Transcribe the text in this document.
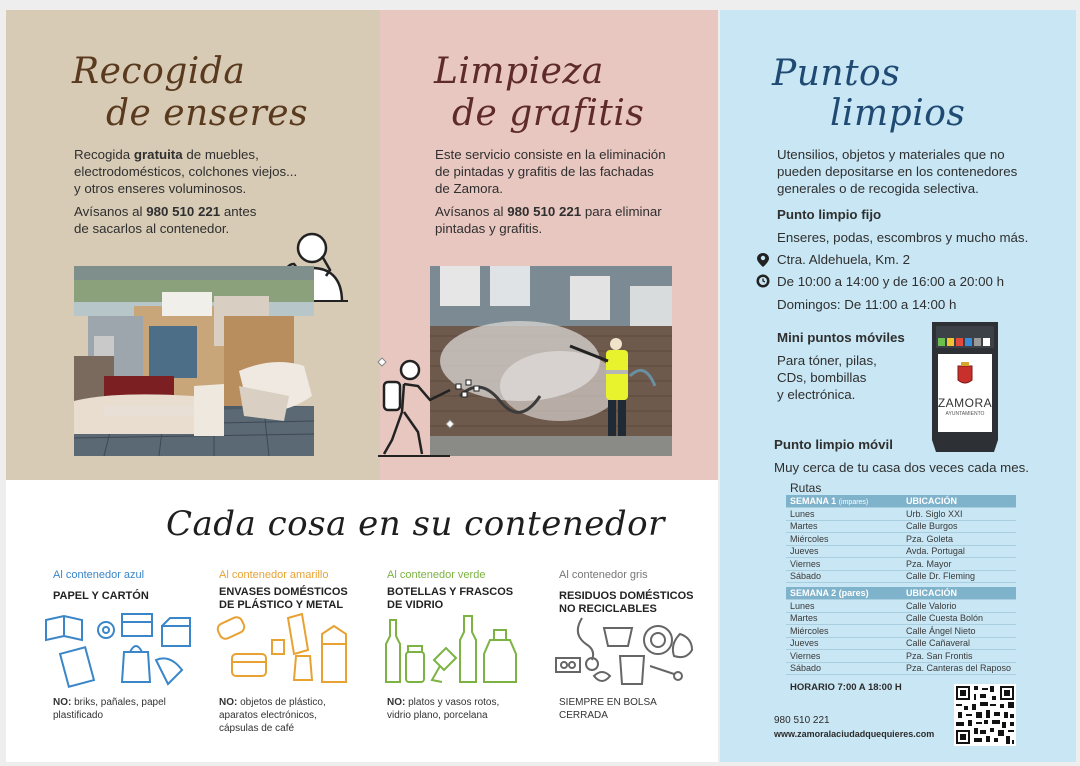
Recogida
de enseres
Recogida gratuita de muebles,
electrodomésticos, colchones viejos...
y otros enseres voluminosos.
Avísanos al 980 510 221 antes
de sacarlos al contenedor.
Limpieza
de grafitis
Este servicio consiste en la eliminación
de pintadas y grafitis de las fachadas
de Zamora.
Avísanos al 980 510 221 para eliminar
pintadas y grafitis.
Cada cosa en su contenedor
Al contenedor azul
PAPEL Y CARTÓN
NO: briks, pañales, papel
plastificado
Al contenedor amarillo
ENVASES DOMÉSTICOS
DE PLÁSTICO Y METAL
NO: objetos de plástico,
aparatos electrónicos,
cápsulas de café
Al contenedor verde
BOTELLAS Y FRASCOS
DE VIDRIO
NO: platos y vasos rotos,
vidrio plano, porcelana
Al contenedor gris
RESIDUOS DOMÉSTICOS
NO RECICLABLES
SIEMPRE EN BOLSA
CERRADA
Puntos
limpios
Utensilios, objetos y materiales que no
pueden depositarse en los contenedores
generales o de recogida selectiva.
Punto limpio fijo
Enseres, podas, escombros y mucho más.
Ctra. Aldehuela, Km. 2
De 10:00 a 14:00 y de 16:00 a 20:00 h
Domingos: De 11:00 a 14:00 h
Mini puntos móviles
Para tóner, pilas,
CDs, bombillas
y electrónica.
ZAMORA
AYUNTAMIENTO
Punto limpio móvil
Muy cerca de tu casa dos veces cada mes.
Rutas
SEMANA 1 (impares)	UBICACIÓN
Lunes	Urb. Siglo XXI
Martes	Calle Burgos
Miércoles	Pza. Goleta
Jueves	Avda. Portugal
Viernes	Pza. Mayor
Sábado	Calle Dr. Fleming
SEMANA 2 (pares)	UBICACIÓN
Lunes	Calle Valorio
Martes	Calle Cuesta Bolón
Miércoles	Calle Ángel Nieto
Jueves	Calle Cañaveral
Viernes	Pza. San Frontis
Sábado	Pza. Canteras del Raposo
HORARIO 7:00 A 18:00 H
980 510 221
www.zamoralaciudadquequieres.com
